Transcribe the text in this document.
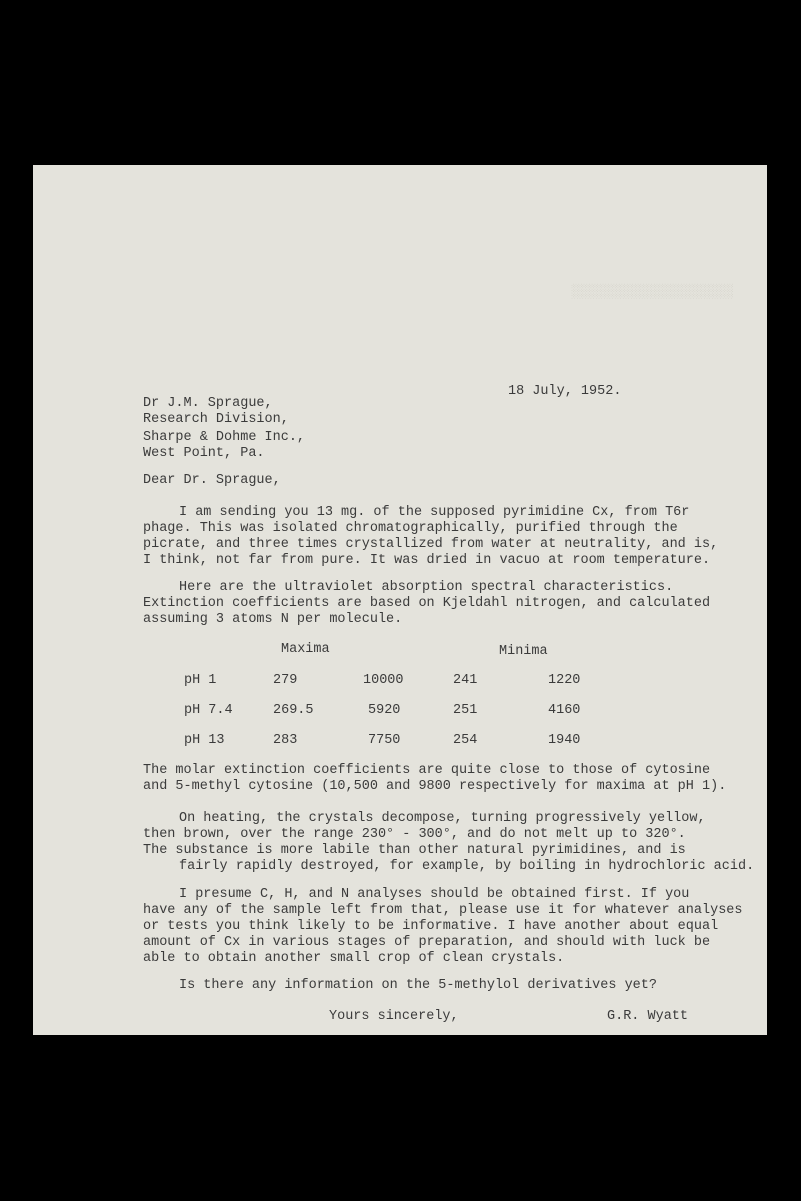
░░░░░░░░░░░░░░░░░░░░
18 July, 1952.
Dr J.M. Sprague,
Research Division,
Sharpe & Dohme Inc.,
West Point, Pa.
Dear Dr. Sprague,
I am sending you 13 mg. of the supposed pyrimidine Cx, from T6r
phage. This was isolated chromatographically, purified through the
picrate, and three times crystallized from water at neutrality, and is,
I think, not far from pure. It was dried in vacuo at room temperature.
Here are the ultraviolet absorption spectral characteristics.
Extinction coefficients are based on Kjeldahl nitrogen, and calculated
assuming 3 atoms N per molecule.
Maxima	Minima
pH 1	279	10000	241	1220
pH 7.4	269.5	5920	251	4160
pH 13	283	7750	254	1940
The molar extinction coefficients are quite close to those of cytosine
and 5-methyl cytosine (10,500 and 9800 respectively for maxima at pH 1).
On heating, the crystals decompose, turning progressively yellow,
then brown, over the range 230° - 300°, and do not melt up to 320°.
The substance is more labile than other natural pyrimidines, and is
fairly rapidly destroyed, for example, by boiling in hydrochloric acid.
I presume C, H, and N analyses should be obtained first. If you
have any of the sample left from that, please use it for whatever analyses
or tests you think likely to be informative. I have another about equal
amount of Cx in various stages of preparation, and should with luck be
able to obtain another small crop of clean crystals.
Is there any information on the 5-methylol derivatives yet?
Yours sincerely,	G.R. Wyatt
